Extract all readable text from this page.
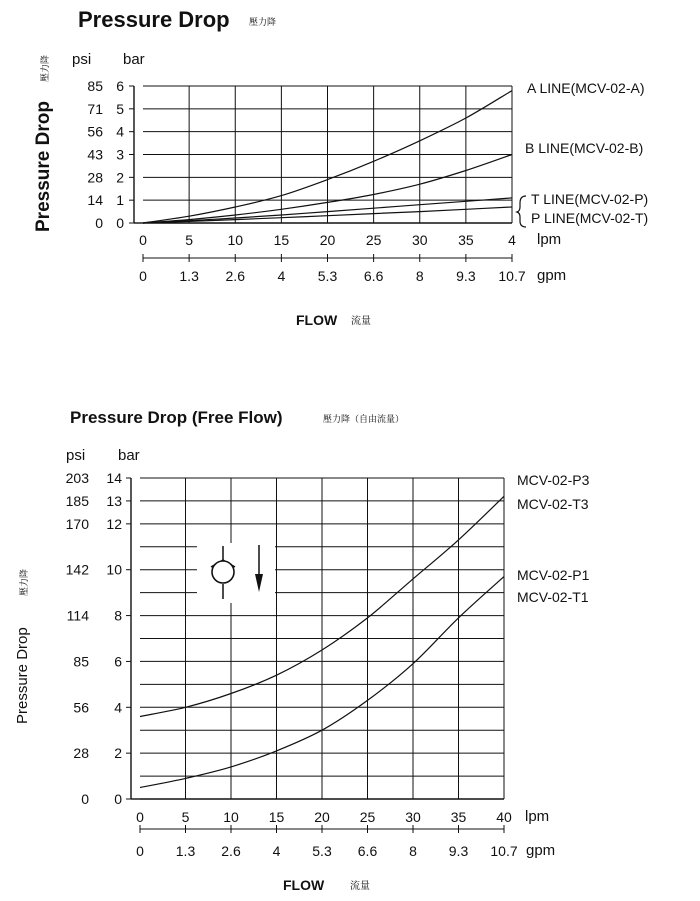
Pressure Drop 壓力降
psi bar
Pressure Drop
壓力降
6
85
5
71
4
56
3
43
2
28
1
14
0
0
0
0
5
1.3
10
2.6
15
4
20
5.3
25
6.6
30
8
35
9.3
4
10.7
A LINE(MCV-02-A)
B LINE(MCV-02-B)
T LINE(MCV-02-P)
P LINE(MCV-02-T)
lpm
gpm
FLOW 流量
Pressure Drop (Free Flow)	壓力降（自由流量）
psi bar
Pressure Drop
壓力降
14
203
13
185
12
170
10
142
8
114
6
85
4
56
2
28
0
0
0
0
5
1.3
10
2.6
15
4
20
5.3
25
6.6
30
8
35
9.3
40
10.7
MCV-02-P3
MCV-02-T3
MCV-02-P1
MCV-02-T1
lpm
gpm
FLOW	流量
